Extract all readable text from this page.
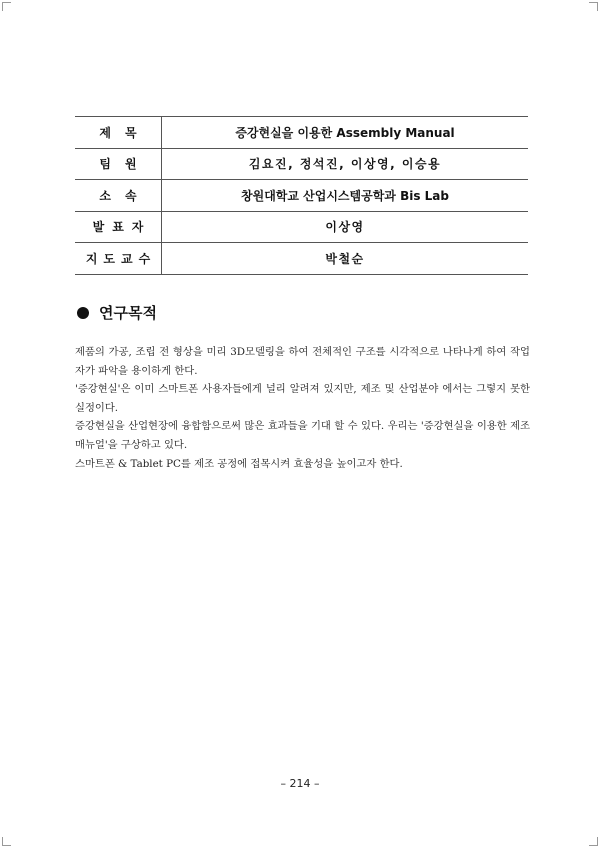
제목	증강현실을 이용한 Assembly Manual
팀원	김요진, 정석진, 이상영, 이승용
소속	창원대학교 산업시스템공학과 Bis Lab
발표자	이상영
지도교수	박철순
연구목적

제품의 가공, 조립 전 형상을 미리 3D모델링을 하여 전체적인 구조를 시각적으로 나타나게 하여 작업자가 파악을 용이하게 한다.

'증강현실'은 이미 스마트폰 사용자들에게 널리 알려져 있지만, 제조 및 산업분야 에서는 그렇지 못한 실정이다.

증강현실을 산업현장에 융합함으로써 많은 효과들을 기대 할 수 있다. 우리는 '증강현실을 이용한 제조 매뉴얼'을 구상하고 있다.

스마트폰 & Tablet PC를 제조 공정에 접목시켜 효율성을 높이고자 한다.

– 214 –
